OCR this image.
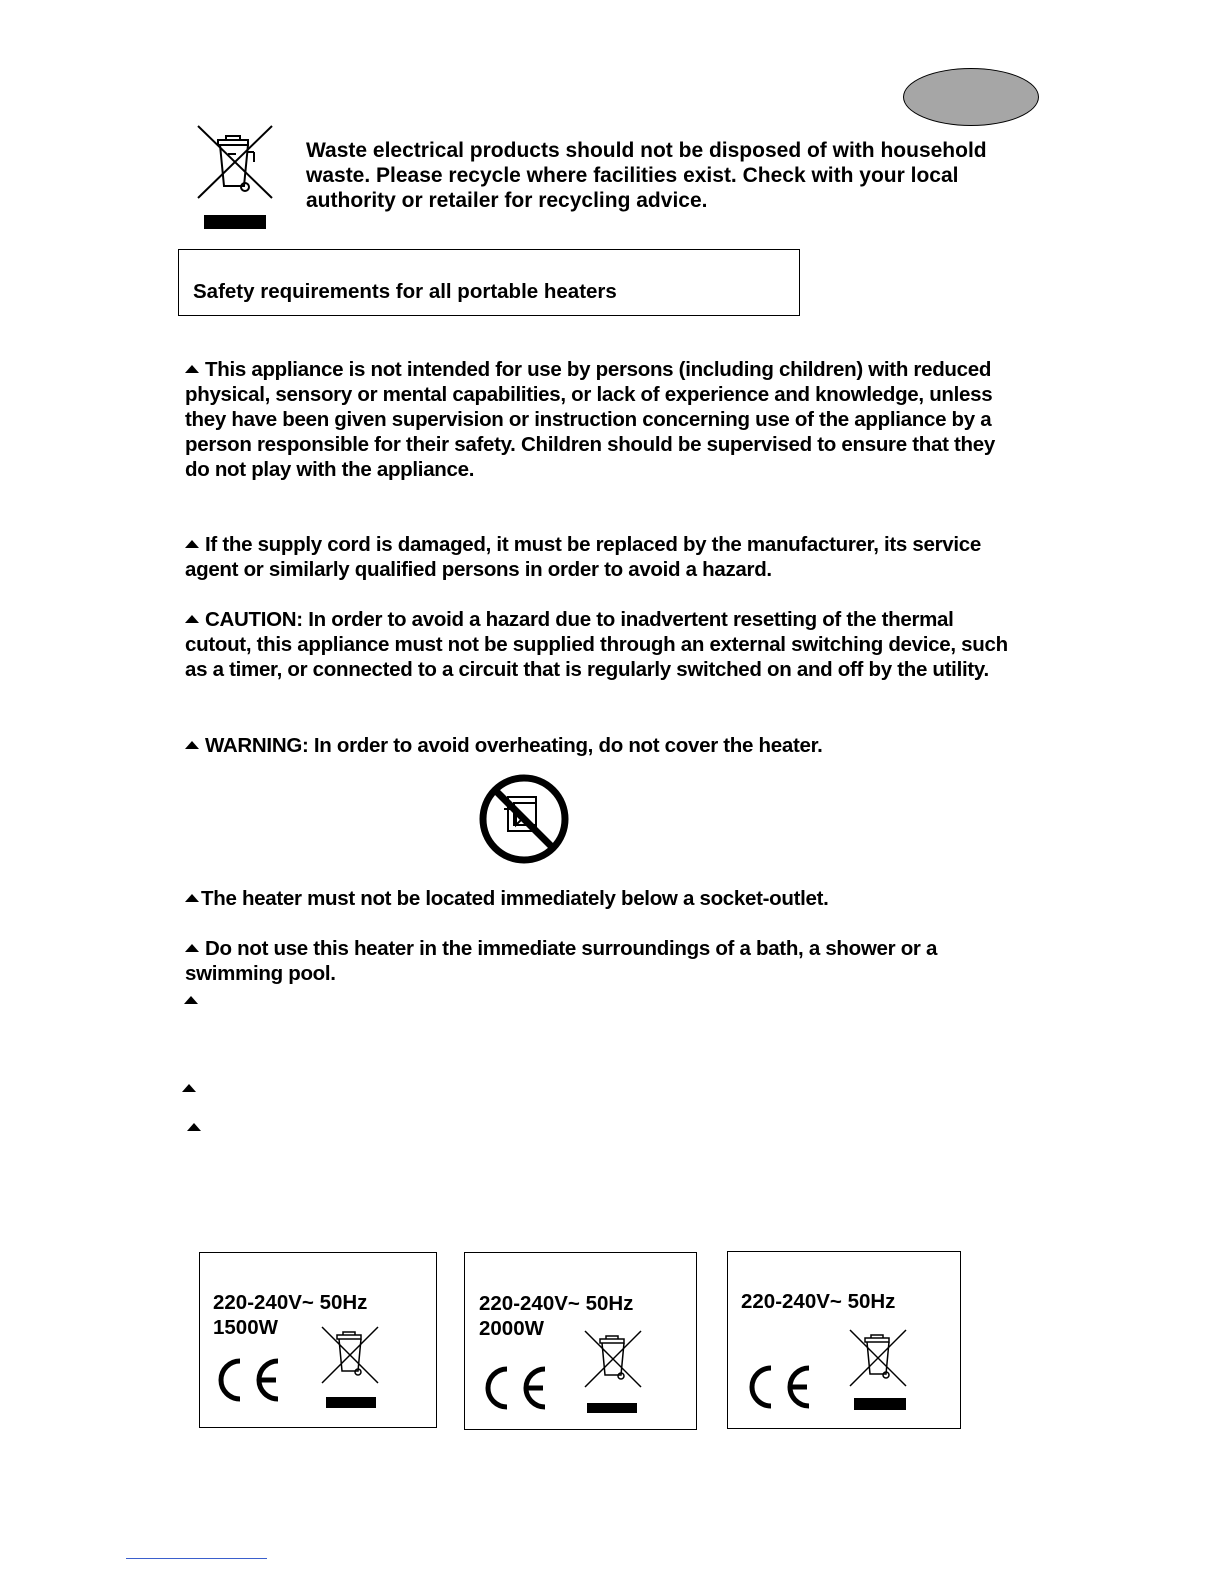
Waste electrical products should not be disposed of with household waste. Please recycle where facilities exist. Check with your local authority or retailer for recycling advice.
Safety requirements for all portable heaters
This appliance is not intended for use by persons (including children) with reduced physical, sensory or mental capabilities, or lack of experience and knowledge, unless they have been given supervision or instruction concerning use of the appliance by a person responsible for their safety. Children should be supervised to ensure that they do not play with the appliance.
If the supply cord is damaged, it must be replaced by the manufacturer, its service agent or similarly qualified persons in order to avoid a hazard.
CAUTION: In order to avoid a hazard due to inadvertent resetting of the thermal cutout, this appliance must not be supplied through an external switching device, such as a timer, or connected to a circuit that is regularly switched on and off by the utility.
WARNING: In order to avoid overheating, do not cover the heater.
The heater must not be located immediately below a socket-outlet.
Do not use this heater in the immediate surroundings of a bath, a shower or a swimming pool.
220-240V~ 50Hz
1500W
220-240V~ 50Hz
2000W
220-240V~ 50Hz
